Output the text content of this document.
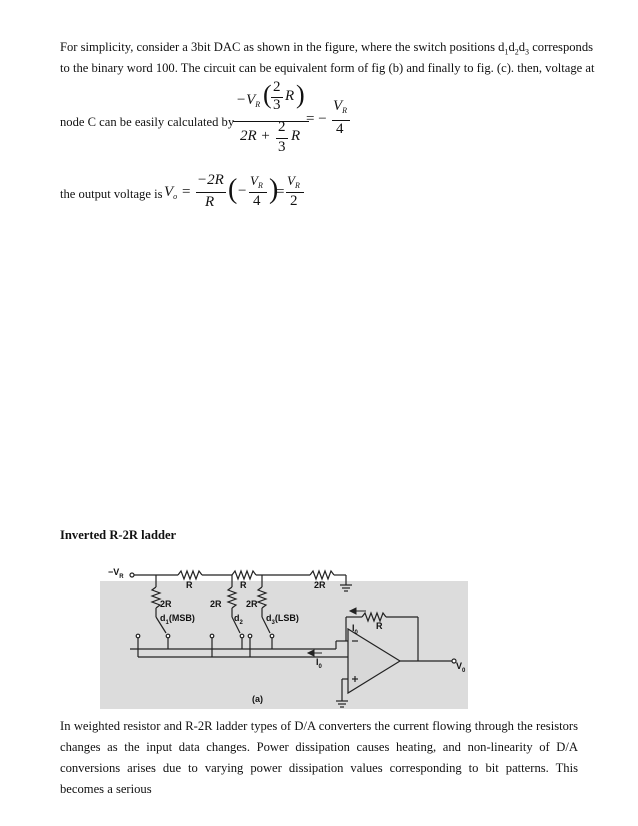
For simplicity, consider a 3bit DAC as shown in the figure, where the switch positions $d_1d_2d_3$ corresponds
to the binary word 100. The circuit can be equivalent form of fig (b) and finally to fig. (c). then, voltage at
node C can be easily calculated by
$-V_R$ ( 2
3
R )
2R +
2
3
R
= −
$V_R$
4
the output voltage is $V_o$ =
−2R
R ( −
$V_R$
4 )
=
$V_R$
2
Inverted R-2R ladder
$-V_R$
R	R	2R
2R	2R	2R
$d_1(MSB)$	$d_2$	$d_3(LSB)$
$I_0$
$I_0$
R
$V_0$
(a)
In weighted resistor and R-2R ladder types of D/A converters the current flowing through the resistors changes as the input data changes. Power dissipation causes heating, and non-linearity of D/A conversions arises due to varying power dissipation values corresponding to bit patterns. This becomes a serious
